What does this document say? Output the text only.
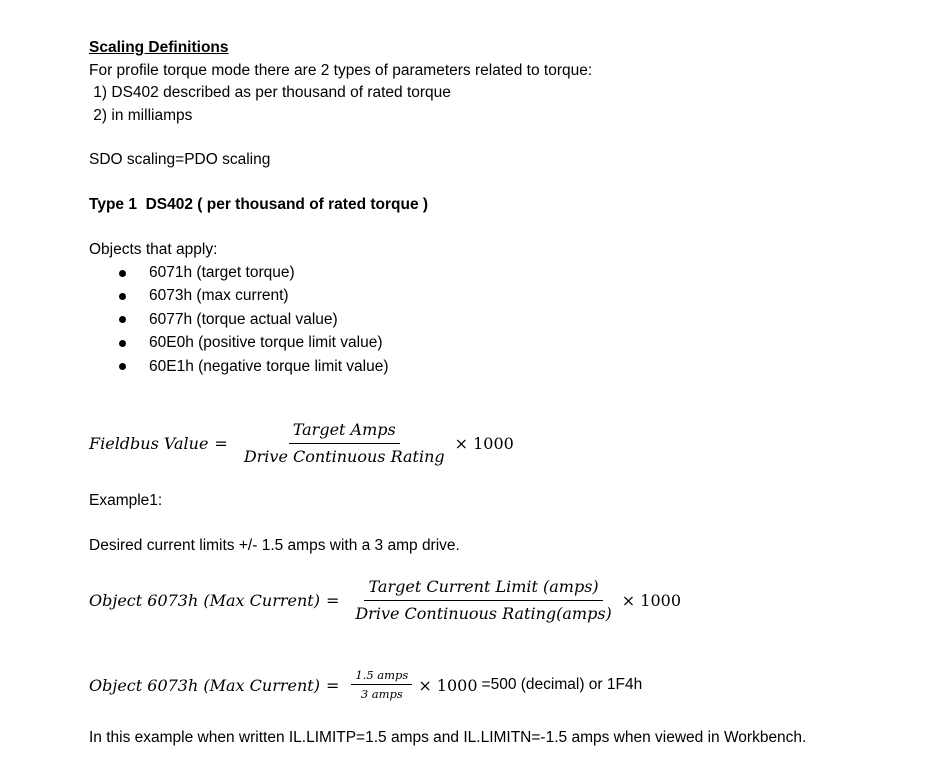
Scaling Definitions
For profile torque mode there are 2 types of parameters related to torque:
1) DS402 described as per thousand of rated torque
2) in milliamps
SDO scaling=PDO scaling
Type 1  DS402 ( per thousand of rated torque )
Objects that apply:
6071h (target torque)
6073h (max current)
6077h (torque actual value)
60E0h (positive torque limit value)
60E1h (negative torque limit value)
Fieldbus Value = $\frac{\text{Target Amps}}{\text{Drive Continuous Rating}} \times 1000$
Example1:
Desired current limits +/- 1.5 amps with a 3 amp drive.
Object 6073h (Max Current) = $\frac{\text{Target Current Limit (amps)}}{\text{Drive Continuous Rating(amps)}} \times 1000$
Object 6073h (Max Current) = $\frac{\text{1.5 amps}}{\text{3 amps}} \times 1000 =500$ (decimal) or 1F4h
In this example when written IL.LIMITP=1.5 amps and IL.LIMITN=-1.5 amps when viewed in Workbench.
